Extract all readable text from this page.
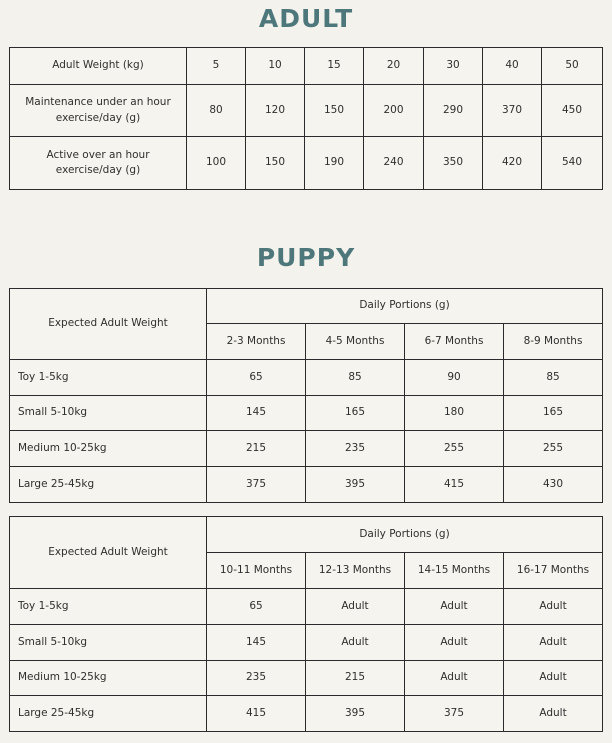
ADULT
Adult Weight (kg)	5	10	15	20	30	40	50
Maintenance under an hour exercise/day (g)	80	120	150	200	290	370	450
Active over an hour exercise/day (g)	100	150	190	240	350	420	540
PUPPY
Expected Adult Weight	Daily Portions (g)			
	2-3 Months	4-5 Months	6-7 Months	8-9 Months
Toy 1-5kg	65	85	90	85
Small 5-10kg	145	165	180	165
Medium 10-25kg	215	235	255	255
Large 25-45kg	375	395	415	430
Expected Adult Weight	Daily Portions (g)			
	10-11 Months	12-13 Months	14-15 Months	16-17 Months
Toy 1-5kg	65	Adult	Adult	Adult
Small 5-10kg	145	Adult	Adult	Adult
Medium 10-25kg	235	215	Adult	Adult
Large 25-45kg	415	395	375	Adult
